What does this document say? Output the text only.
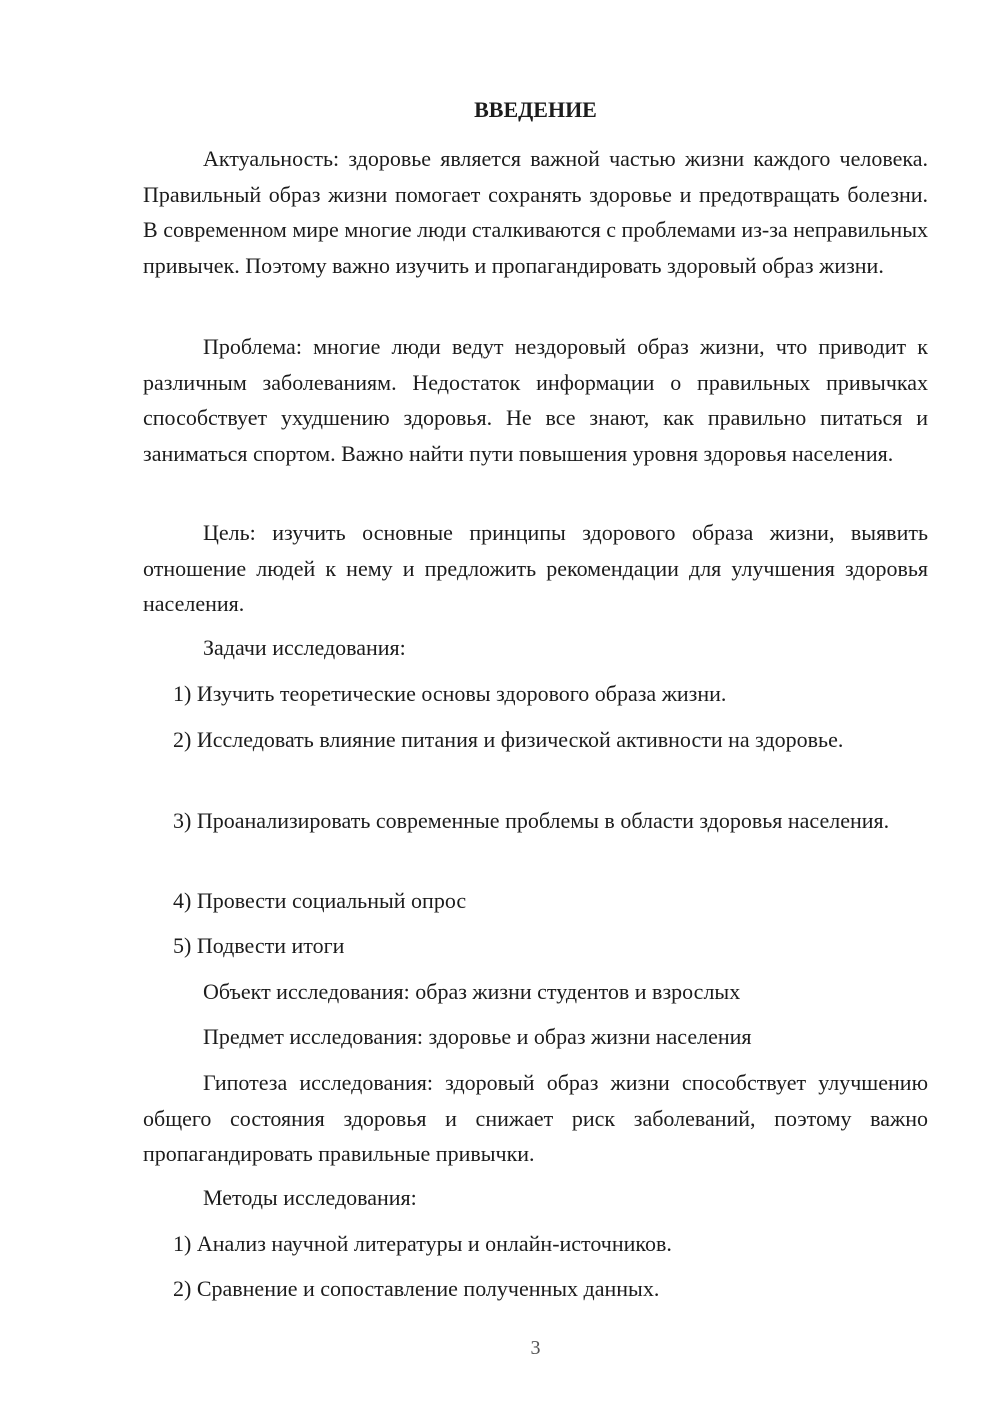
ВВЕДЕНИЕ

Актуальность: здоровье является важной частью жизни каждого человека. Правильный образ жизни помогает сохранять здоровье и предотвращать болезни. В современном мире многие люди сталкиваются с проблемами из-за неправильных привычек. Поэтому важно изучить и пропагандировать здоровый образ жизни.

Проблема: многие люди ведут нездоровый образ жизни, что приводит к различным заболеваниям. Недостаток информации о правильных привычках способствует ухудшению здоровья. Не все знают, как правильно питаться и заниматься спортом. Важно найти пути повышения уровня здоровья населения.

Цель: изучить основные принципы здорового образа жизни, выявить отношение людей к нему и предложить рекомендации для улучшения здоровья населения.

Задачи исследования:

1) Изучить теоретические основы здорового образа жизни.

2) Исследовать влияние питания и физической активности на здоровье.

3) Проанализировать современные проблемы в области здоровья населения.

4) Провести социальный опрос

5) Подвести итоги

Объект исследования: образ жизни студентов и взрослых

Предмет исследования: здоровье и образ жизни населения

Гипотеза исследования: здоровый образ жизни способствует улучшению общего состояния здоровья и снижает риск заболеваний, поэтому важно пропагандировать правильные привычки.

Методы исследования:

1) Анализ научной литературы и онлайн-источников.

2) Сравнение и сопоставление полученных данных.

3
